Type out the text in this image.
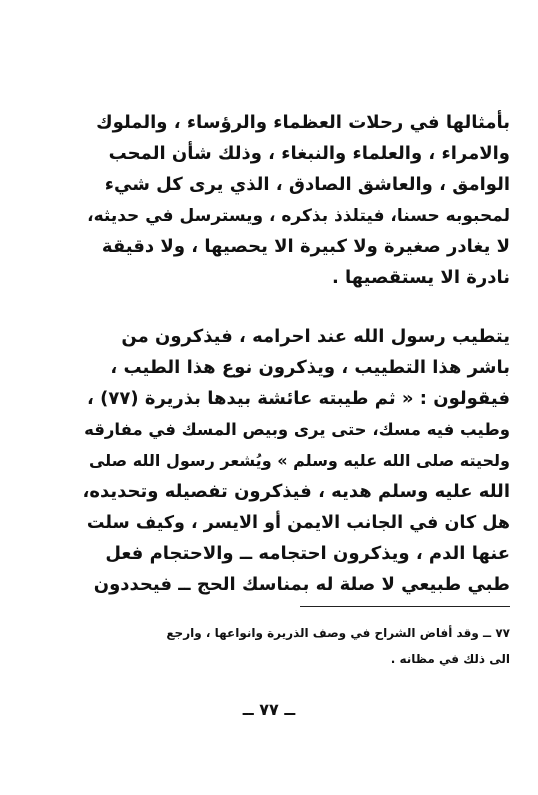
بأمثالها في رحلات العظماء والرؤساء ، والملوك
والامراء ، والعلماء والنبغاء ، وذلك شأن المحب
الوامق ، والعاشق الصادق ، الذي يرى كل شيء
لمحبوبه حسنا، فيتلذذ بذكره ، ويسترسل في حديثه،
لا يغادر صغيرة ولا كبيرة الا يحصيها ، ولا دقيقة
نادرة الا يستقصيها .
يتطيب رسول الله عند احرامه ، فيذكرون من
باشر هذا التطييب ، ويذكرون نوع هذا الطيب ،
فيقولون : « ثم طيبته عائشة بيدها بذريرة (٧٧) ،
وطيب فيه مسك، حتى يرى وبيص المسك في مفارقه
ولحيته صلى الله عليه وسلم » ويُشعر رسول الله صلى
الله عليه وسلم هديه ، فيذكرون تفصيله وتحديده،
هل كان في الجانب الايمن أو الايسر ، وكيف سلت
عنها الدم ، ويذكرون احتجامه ــ والاحتجام فعل
طبي طبيعي لا صلة له بمناسك الحج ــ فيحددون
٧٧ ــ وقد أفاض الشراح في وصف الذريرة وانواعها ، وارجع
الى ذلك في مظانه .
ــ ٧٧ ــ
